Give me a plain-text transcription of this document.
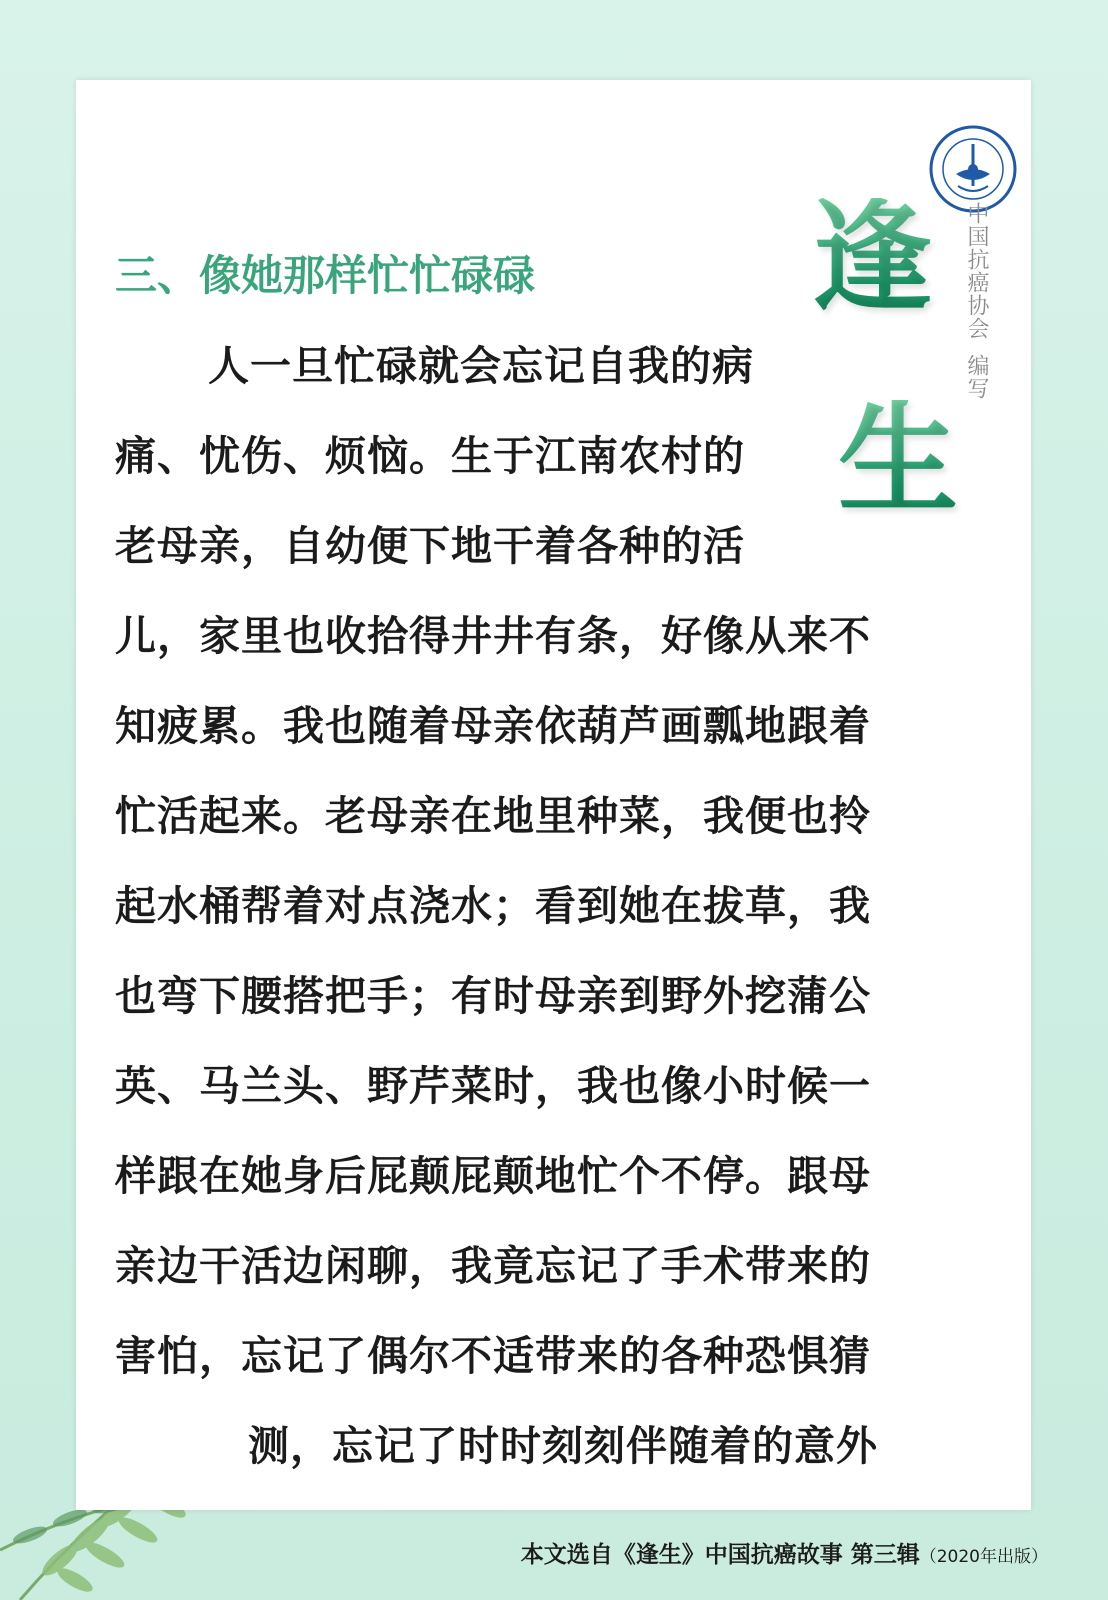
中国抗癌协会编写
逢
生
三、像她那样忙忙碌碌
人一旦忙碌就会忘记自我的病
痛、忧伤、烦恼。生于江南农村的
老母亲，自幼便下地干着各种的活
儿，家里也收拾得井井有条，好像从来不
知疲累。我也随着母亲依葫芦画瓢地跟着
忙活起来。老母亲在地里种菜，我便也拎
起水桶帮着对点浇水；看到她在拔草，我
也弯下腰搭把手；有时母亲到野外挖蒲公
英、马兰头、野芹菜时，我也像小时候一
样跟在她身后屁颠屁颠地忙个不停。跟母
亲边干活边闲聊，我竟忘记了手术带来的
害怕，忘记了偶尔不适带来的各种恐惧猜
测，忘记了时时刻刻伴随着的意外
本文选自《逢生》中国抗癌故事 第三辑（2020年出版）
